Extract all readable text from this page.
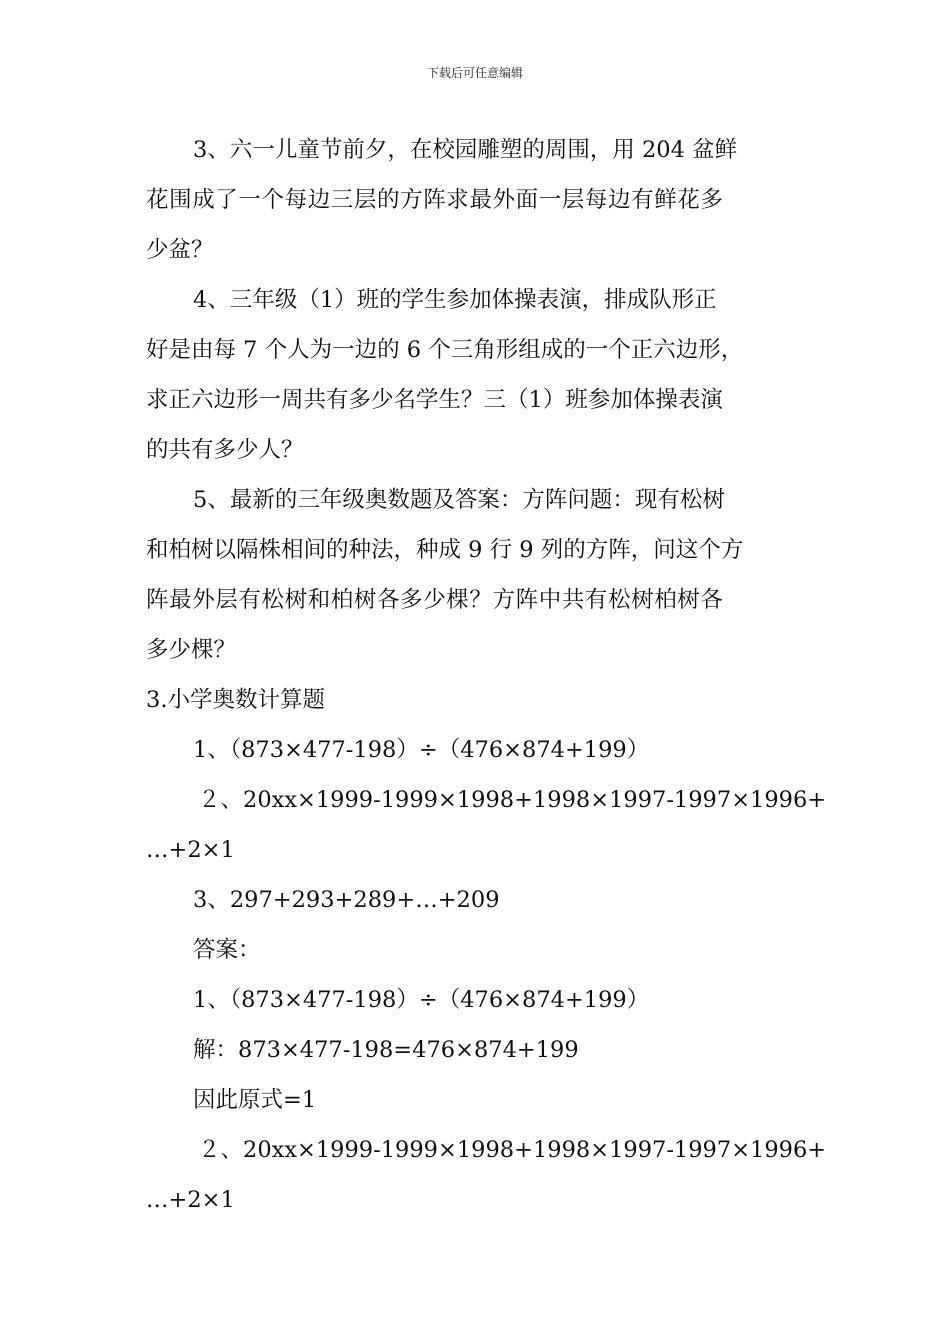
下载后可任意编辑
3、六一儿童节前夕，在校园雕塑的周围，用 204 盆鲜
花围成了一个每边三层的方阵求最外面一层每边有鲜花多
少盆？
4、三年级（1）班的学生参加体操表演，排成队形正
好是由每 7 个人为一边的 6 个三角形组成的一个正六边形，
求正六边形一周共有多少名学生？三（1）班参加体操表演
的共有多少人？
5、最新的三年级奥数题及答案：方阵问题：现有松树
和柏树以隔株相间的种法，种成 9 行 9 列的方阵，问这个方
阵最外层有松树和柏树各多少棵？方阵中共有松树柏树各
多少棵？
3.小学奥数计算题
1、（873×477-198）÷（476×874+199）
２、20xx×1999-1999×1998+1998×1997-1997×1996+
…+2×1
3、297+293+289+…+209
答案：
1、（873×477-198）÷（476×874+199）
解：873×477-198=476×874+199
因此原式=1
２、20xx×1999-1999×1998+1998×1997-1997×1996+
…+2×1
